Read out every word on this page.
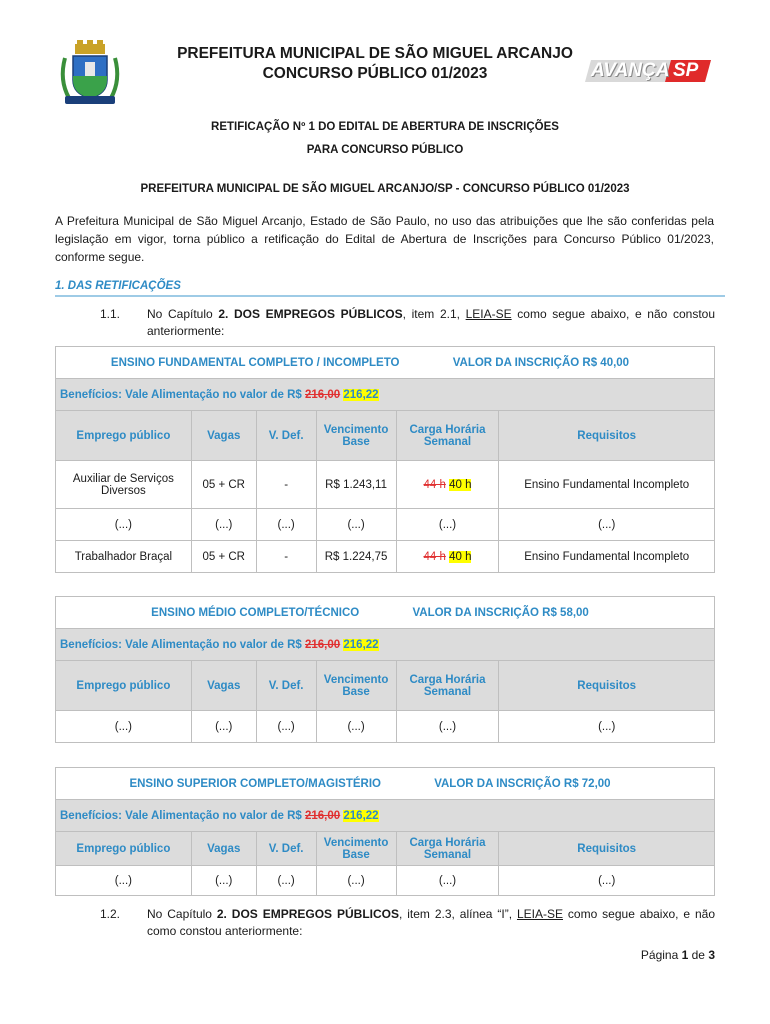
PREFEITURA MUNICIPAL DE SÃO MIGUEL ARCANJO
CONCURSO PÚBLICO 01/2023	AVANÇA SP
RETIFICAÇÃO Nº 1 DO EDITAL DE ABERTURA DE INSCRIÇÕES
PARA CONCURSO PÚBLICO
PREFEITURA MUNICIPAL DE SÃO MIGUEL ARCANJO/SP - CONCURSO PÚBLICO 01/2023
A Prefeitura Municipal de São Miguel Arcanjo, Estado de São Paulo, no uso das atribuições que lhe são conferidas pela legislação em vigor, torna público a retificação do Edital de Abertura de Inscrições para Concurso Público 01/2023, conforme segue.
1. DAS RETIFICAÇÕES
1.1. No Capítulo 2. DOS EMPREGOS PÚBLICOS, item 2.1, LEIA-SE como segue abaixo, e não constou anteriormente:
ENSINO FUNDAMENTAL COMPLETO / INCOMPLETO VALOR DA INSCRIÇÃO R$ 40,00					
Benefícios: Vale Alimentação no valor de R$ 216,00 216,22					
Emprego público	Vagas	V. Def.	Vencimento Base	Carga Horária Semanal	Requisitos
Auxiliar de Serviços Diversos	05 + CR	-	R$ 1.243,11	44 h 40 h	Ensino Fundamental Incompleto
(...)	(...)	(...)	(...)	(...)	(...)
Trabalhador Braçal	05 + CR	-	R$ 1.224,75	44 h 40 h	Ensino Fundamental Incompleto
ENSINO MÉDIO COMPLETO/TÉCNICO VALOR DA INSCRIÇÃO R$ 58,00					
Benefícios: Vale Alimentação no valor de R$ 216,00 216,22					
Emprego público	Vagas	V. Def.	Vencimento Base	Carga Horária Semanal	Requisitos
(...)	(...)	(...)	(...)	(...)	(...)
ENSINO SUPERIOR COMPLETO/MAGISTÉRIO VALOR DA INSCRIÇÃO R$ 72,00					
Benefícios: Vale Alimentação no valor de R$ 216,00 216,22					
Emprego público	Vagas	V. Def.	Vencimento Base	Carga Horária Semanal	Requisitos
(...)	(...)	(...)	(...)	(...)	(...)
1.2. No Capítulo 2. DOS EMPREGOS PÚBLICOS, item 2.3, alínea “I”, LEIA-SE como segue abaixo, e não como constou anteriormente:
Página 1 de 3
